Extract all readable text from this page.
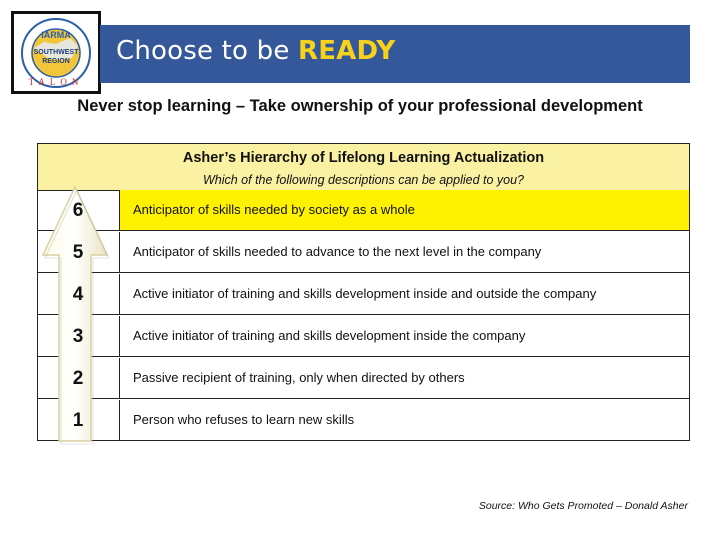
IARMA
SOUTHWEST
REGION
TALON
Choose to be READY
Never stop learning – Take ownership of your professional development
Asher’s Hierarchy of Lifelong Learning Actualization
Which of the following descriptions can be applied to you?
Anticipator of skills needed by society as a whole
Anticipator of skills needed to advance to the next level in the company
Active initiator of training and skills development inside and outside the company
Active initiator of training and skills development inside the company
Passive recipient of training, only when directed by others
Person who refuses to learn new skills
6
5
4
3
2
1
Source: Who Gets Promoted – Donald Asher
